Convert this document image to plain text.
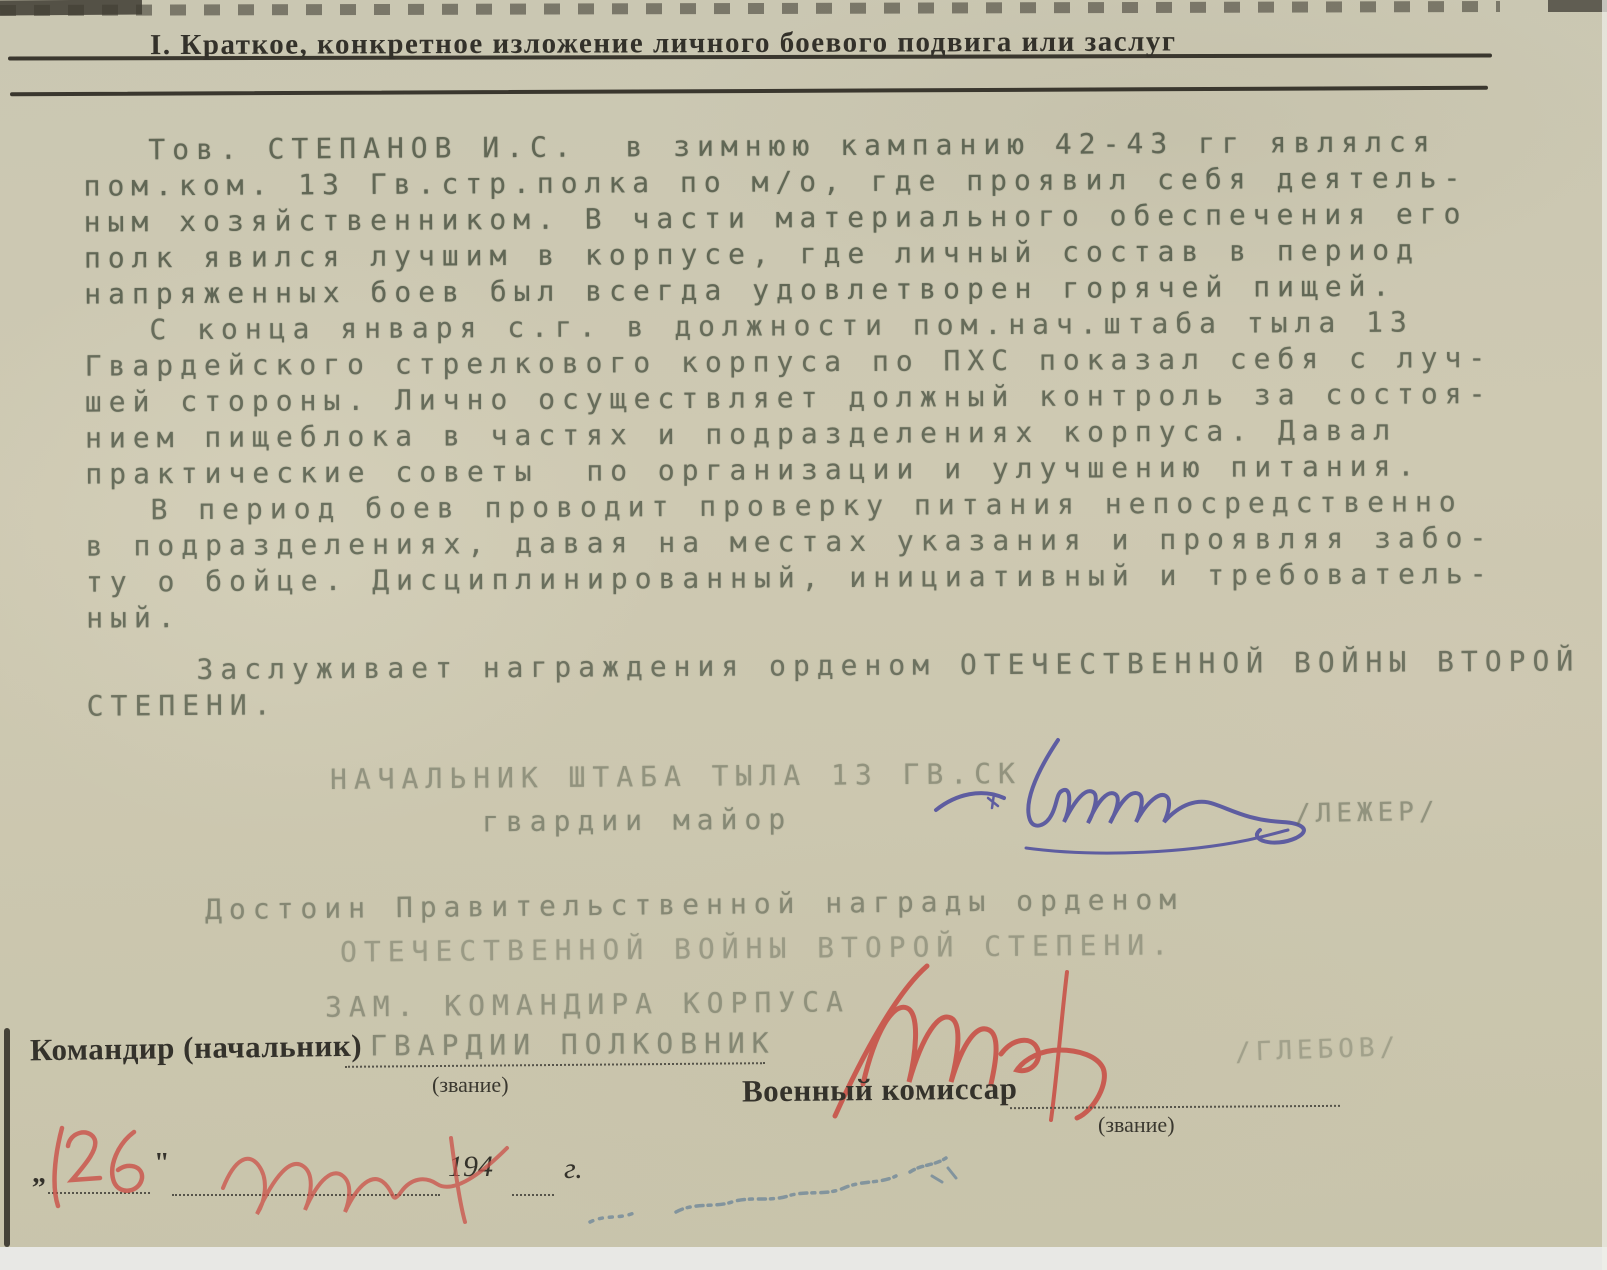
I. Краткое, конкретное изложение личного боевого подвига или заслуг
Тов. СТЕПАНОВ И.С.  в зимнюю кампанию 42-43 гг являлся
пом.ком. 13 Гв.стр.полка по м/о, где проявил себя деятель-
ным хозяйственником. В части материального обеспечения его
полк явился лучшим в корпусе, где личный состав в период
напряженных боев был всегда удовлетворен горячей пищей.
С конца января с.г. в должности пом.нач.штаба тыла 13
Гвардейского стрелкового корпуса по ПХС показал себя с луч-
шей стороны. Лично осуществляет должный контроль за состоя-
нием пищеблока в частях и подразделениях корпуса. Давал
практические советы  по организации и улучшению питания.
В период боев проводит проверку питания непосредственно
в подразделениях, давая на местах указания и проявляя забо-
ту о бойце. Дисциплинированный, инициативный и требователь-
ный.
Заслуживает награждения орденом ОТЕЧЕСТВЕННОЙ ВОЙНЫ ВТОРОЙ
СТЕПЕНИ.
НАЧАЛЬНИК ШТАБА ТЫЛА 13 ГВ.СК
гвардии майор	/ЛЕЖЕР/
Достоин Правительственной награды орденом
ОТЕЧЕСТВЕННОЙ ВОЙНЫ ВТОРОЙ СТЕПЕНИ.
ЗАМ. КОМАНДИРА КОРПУСА
ГВАРДИИ ПОЛКОВНИК	/ГЛЕБОВ/
Командир (начальник)
(звание)	Военный комиссар
(звание)
„	"	194 г.
